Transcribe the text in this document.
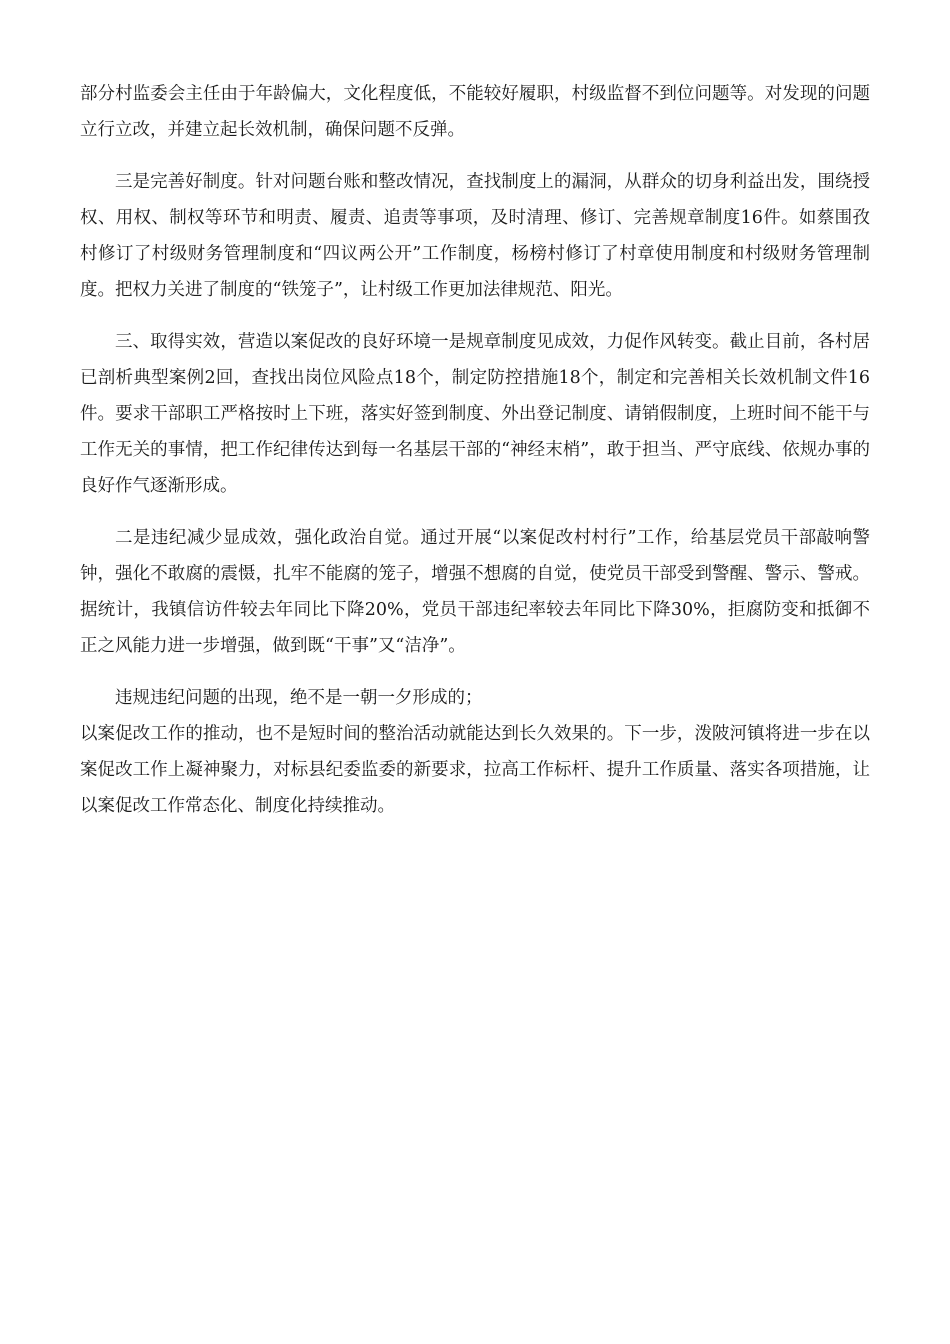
部分村监委会主任由于年龄偏大，文化程度低，不能较好履职，村级监督不到位问题等。对发现的问题立行立改，并建立起长效机制，确保问题不反弹。

三是完善好制度。针对问题台账和整改情况，查找制度上的漏洞，从群众的切身利益出发，围绕授权、用权、制权等环节和明责、履责、追责等事项，及时清理、修订、完善规章制度16件。如蔡围孜村修订了村级财务管理制度和“四议两公开”工作制度，杨榜村修订了村章使用制度和村级财务管理制度。把权力关进了制度的“铁笼子”，让村级工作更加法律规范、阳光。

三、取得实效，营造以案促改的良好环境一是规章制度见成效，力促作风转变。截止目前，各村居已剖析典型案例2回，查找出岗位风险点18个，制定防控措施18个，制定和完善相关长效机制文件16件。要求干部职工严格按时上下班，落实好签到制度、外出登记制度、请销假制度，上班时间不能干与工作无关的事情，把工作纪律传达到每一名基层干部的“神经末梢”，敢于担当、严守底线、依规办事的良好作气逐渐形成。

二是违纪减少显成效，强化政治自觉。通过开展“以案促改村村行”工作，给基层党员干部敲响警钟，强化不敢腐的震慑，扎牢不能腐的笼子，增强不想腐的自觉，使党员干部受到警醒、警示、警戒。据统计，我镇信访件较去年同比下降20%，党员干部违纪率较去年同比下降30%，拒腐防变和抵御不正之风能力进一步增强，做到既“干事”又“洁净”。

违规违纪问题的出现，绝不是一朝一夕形成的；

以案促改工作的推动，也不是短时间的整治活动就能达到长久效果的。下一步，泼陂河镇将进一步在以案促改工作上凝神聚力，对标县纪委监委的新要求，拉高工作标杆、提升工作质量、落实各项措施，让以案促改工作常态化、制度化持续推动。
